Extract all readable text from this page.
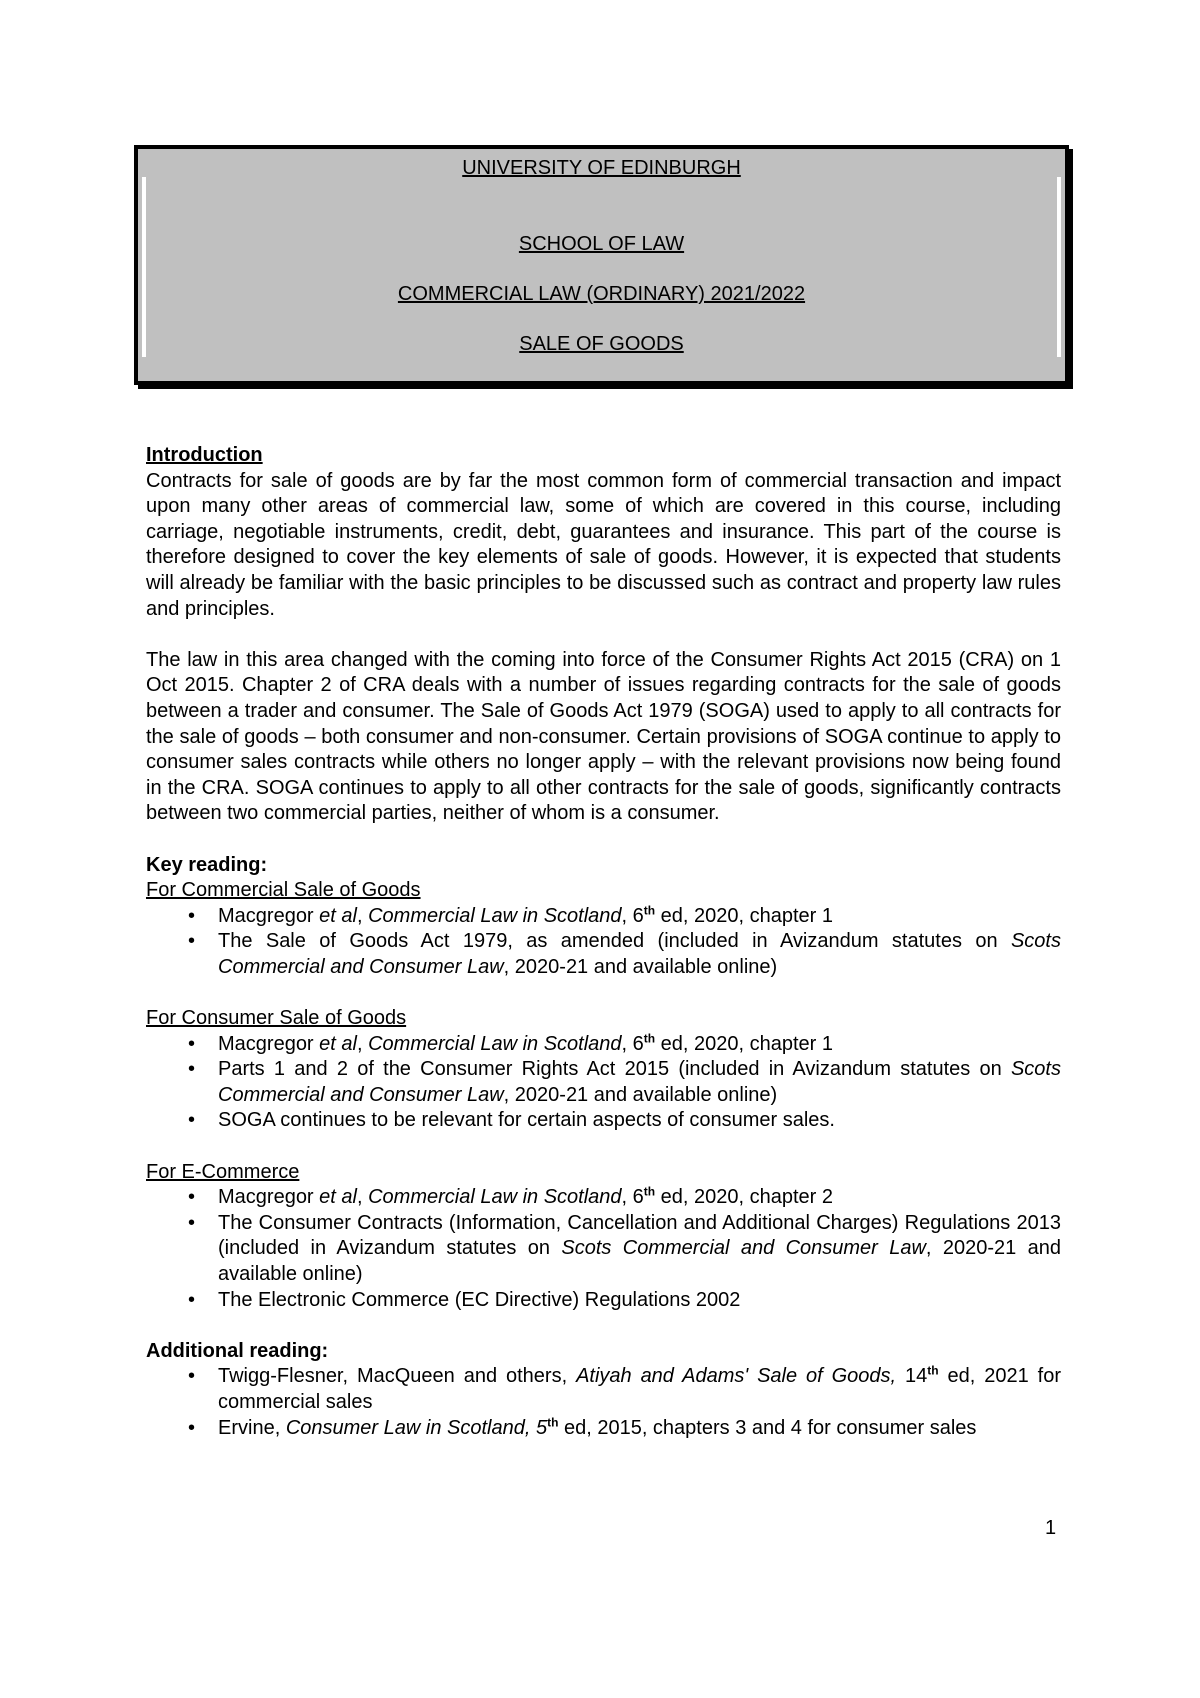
UNIVERSITY OF EDINBURGH
SCHOOL OF LAW
COMMERCIAL LAW (ORDINARY) 2021/2022
SALE OF GOODS
Introduction

Contracts for sale of goods are by far the most common form of commercial transaction and impact upon many other areas of commercial law, some of which are covered in this course, including carriage, negotiable instruments, credit, debt, guarantees and insurance. This part of the course is therefore designed to cover the key elements of sale of goods. However, it is expected that students will already be familiar with the basic principles to be discussed such as contract and property law rules and principles.

The law in this area changed with the coming into force of the Consumer Rights Act 2015 (CRA) on 1 Oct 2015. Chapter 2 of CRA deals with a number of issues regarding contracts for the sale of goods between a trader and consumer. The Sale of Goods Act 1979 (SOGA) used to apply to all contracts for the sale of goods – both consumer and non-consumer. Certain provisions of SOGA continue to apply to consumer sales contracts while others no longer apply – with the relevant provisions now being found in the CRA. SOGA continues to apply to all other contracts for the sale of goods, significantly contracts between two commercial parties, neither of whom is a consumer.

Key reading:
For Commercial Sale of Goods
• Macgregor et al, Commercial Law in Scotland, 6th ed, 2020, chapter 1
• The Sale of Goods Act 1979, as amended (included in Avizandum statutes on Scots Commercial and Consumer Law, 2020-21 and available online)
For Consumer Sale of Goods
• Macgregor et al, Commercial Law in Scotland, 6th ed, 2020, chapter 1
• Parts 1 and 2 of the Consumer Rights Act 2015 (included in Avizandum statutes on Scots Commercial and Consumer Law, 2020-21 and available online)
• SOGA continues to be relevant for certain aspects of consumer sales.
For E-Commerce
• Macgregor et al, Commercial Law in Scotland, 6th ed, 2020, chapter 2
• The Consumer Contracts (Information, Cancellation and Additional Charges) Regulations 2013 (included in Avizandum statutes on Scots Commercial and Consumer Law, 2020-21 and available online)
• The Electronic Commerce (EC Directive) Regulations 2002
Additional reading:
• Twigg-Flesner, MacQueen and others, Atiyah and Adams' Sale of Goods, 14th ed, 2021 for commercial sales
• Ervine, Consumer Law in Scotland, 5th ed, 2015, chapters 3 and 4 for consumer sales
1
